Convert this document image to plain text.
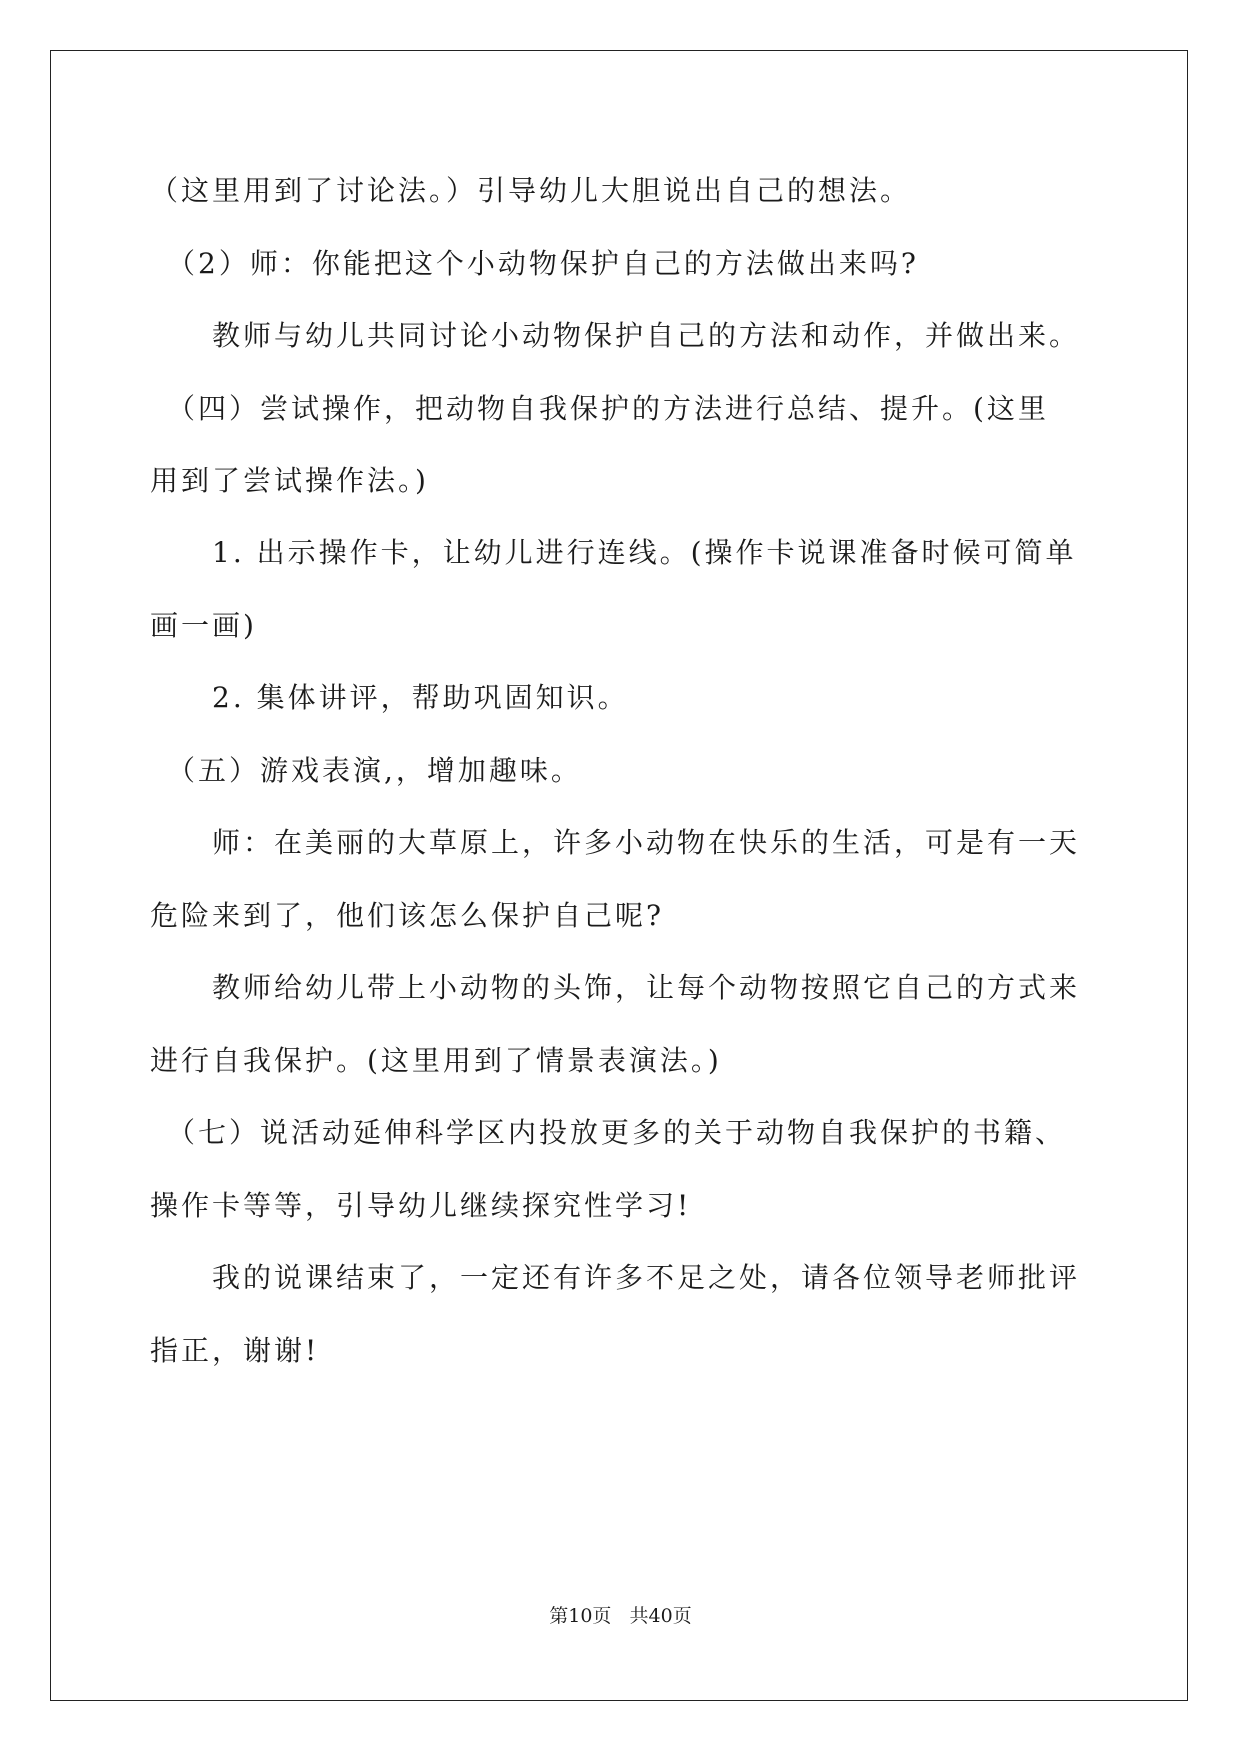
（这里用到了讨论法。）引导幼儿大胆说出自己的想法。
　（2）师：你能把这个小动物保护自己的方法做出来吗?
　　教师与幼儿共同讨论小动物保护自己的方法和动作，并做出来。
　（四）尝试操作，把动物自我保护的方法进行总结、提升。(这里
用到了尝试操作法。)
　　1. 出示操作卡，让幼儿进行连线。(操作卡说课准备时候可简单
画一画)
　　2. 集体讲评，帮助巩固知识。
　（五）游戏表演,，增加趣味。
　　师：在美丽的大草原上，许多小动物在快乐的生活，可是有一天
危险来到了，他们该怎么保护自己呢?
　　教师给幼儿带上小动物的头饰，让每个动物按照它自己的方式来
进行自我保护。(这里用到了情景表演法。)
　（七）说活动延伸科学区内投放更多的关于动物自我保护的书籍、
操作卡等等，引导幼儿继续探究性学习!
　　我的说课结束了，一定还有许多不足之处，请各位领导老师批评
指正，谢谢!
第10页   共40页
